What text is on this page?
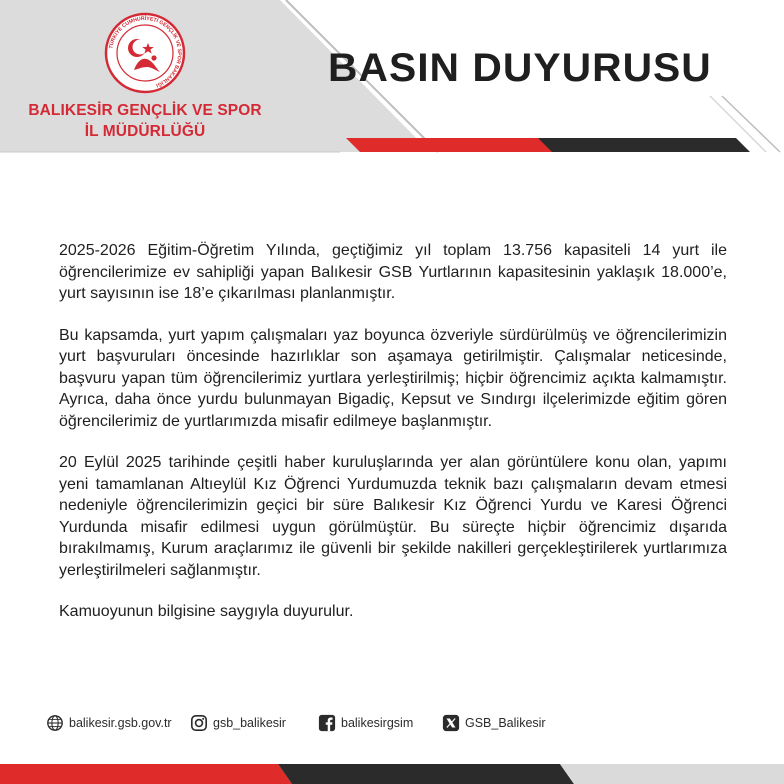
TÜRKİYE CUMHURİYETİ GENÇLİK VE SPOR BAKANLIĞI
BALIKESİR GENÇLİK VE SPOR
İL MÜDÜRLÜĞÜ
BASIN DUYURUSU

2025-2026 Eğitim-Öğretim Yılında, geçtiğimiz yıl toplam 13.756 kapasiteli 14 yurt ile öğrencilerimize ev sahipliği yapan Balıkesir GSB Yurtlarının kapasitesinin yaklaşık 18.000’e, yurt sayısının ise 18’e çıkarılması planlanmıştır.

Bu kapsamda, yurt yapım çalışmaları yaz boyunca özveriyle sürdürülmüş ve öğrencilerimizin yurt başvuruları öncesinde hazırlıklar son aşamaya getirilmiştir. Çalışmalar neticesinde, başvuru yapan tüm öğrencilerimiz yurtlara yerleştirilmiş; hiçbir öğrencimiz açıkta kalmamıştır. Ayrıca, daha önce yurdu bulunmayan Bigadiç, Kepsut ve Sındırgı ilçelerimizde eğitim gören öğrencilerimiz de yurtlarımızda misafir edilmeye başlanmıştır.

20 Eylül 2025 tarihinde çeşitli haber kuruluşlarında yer alan görüntülere konu olan, yapımı yeni tamamlanan Altıeylül Kız Öğrenci Yurdumuzda teknik bazı çalışmaların devam etmesi nedeniyle öğrencilerimizin geçici bir süre Balıkesir Kız Öğrenci Yurdu ve Karesi Öğrenci Yurdunda misafir edilmesi uygun görülmüştür. Bu süreçte hiçbir öğrencimiz dışarıda bırakılmamış, Kurum araçlarımız ile güvenli bir şekilde nakilleri gerçekleştirilerek yurtlarımıza yerleştirilmeleri sağlanmıştır.

Kamuoyunun bilgisine saygıyla duyurulur.

balikesir.gsb.gov.tr	gsb_balikesir	balikesirgsim	GSB_Balikesir
